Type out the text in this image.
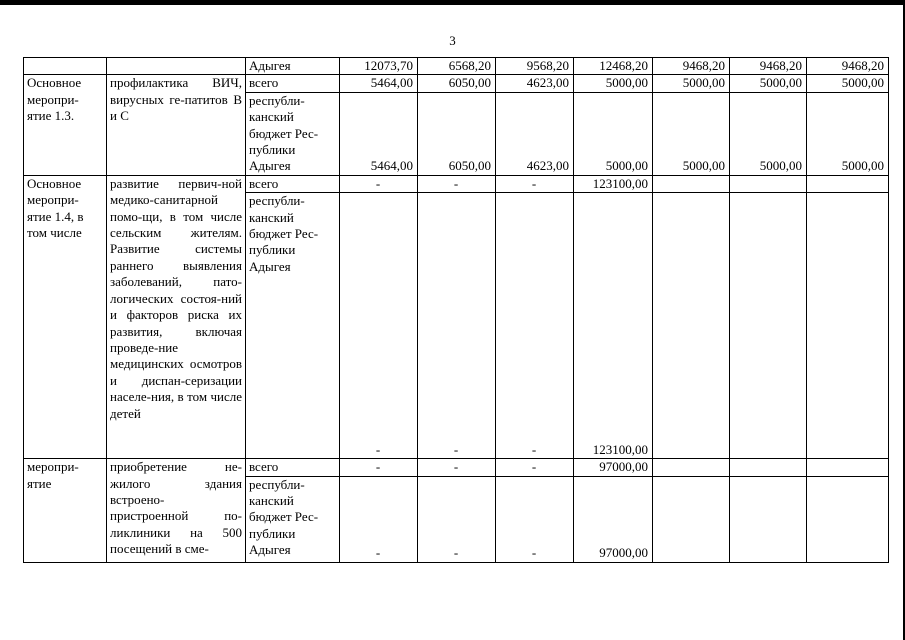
3
		Адыгея	12073,70	6568,20	9568,20	12468,20	9468,20	9468,20	9468,20
Основное меропри-ятие 1.3.	профилактика ВИЧ, вирусных ге-патитов В и С	всего	5464,00	6050,00	4623,00	5000,00	5000,00	5000,00	5000,00
		республи-канский бюджет Рес-публики Адыгея	5464,00	6050,00	4623,00	5000,00	5000,00	5000,00	5000,00
Основное меропри-ятие 1.4, в том числе	развитие первич-ной медико-санитарной помо-щи, в том числе сельским жителям. Развитие системы раннего выявления заболеваний, пато-логических состоя-ний и факторов риска их развития, включая проведе-ние медицинских осмотров и диспан-серизации населе-ния, в том числе детей	всего	-	-	-	123100,00			
		республи-канский бюджет Рес-публики Адыгея	-	-	-	123100,00			
меропри-ятие	приобретение не-жилого здания встроено-пристроенной по-ликлиники на 500 посещений в сме-	всего	-	-	-	97000,00			
		республи-канский бюджет Рес-публики Адыгея	-	-	-	97000,00			
